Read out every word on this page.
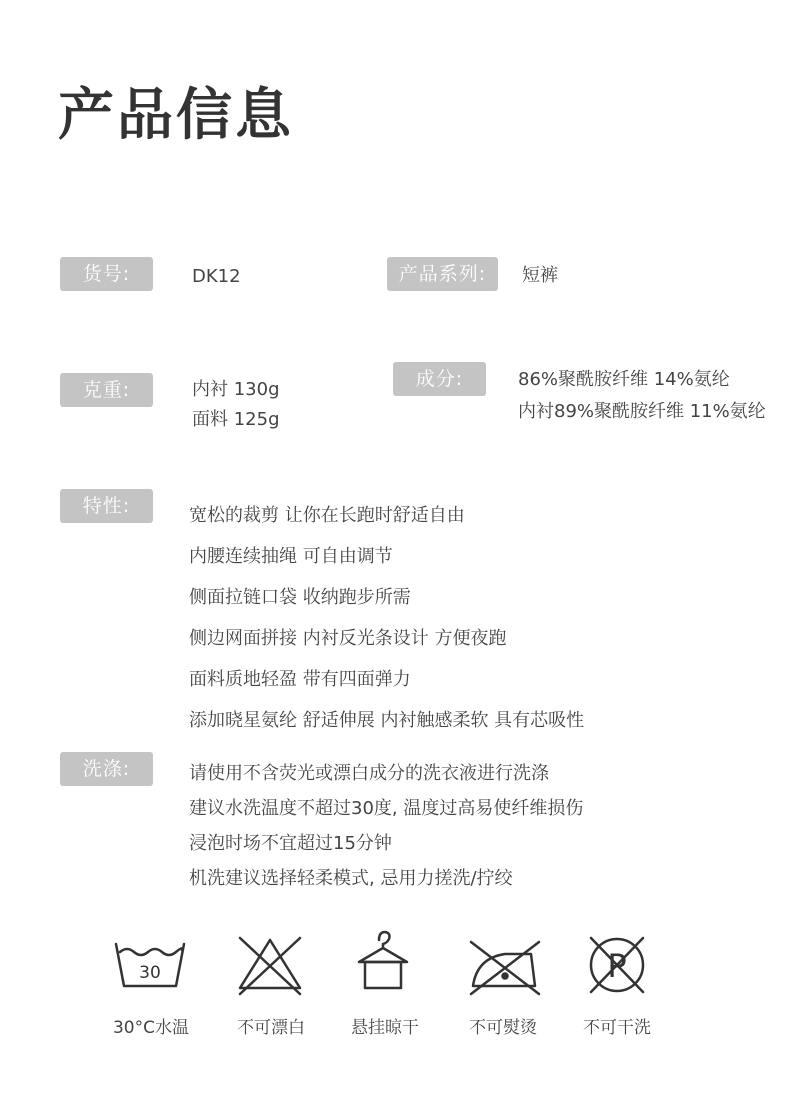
产品信息
货号:	DK12	产品系列:	短裤
克重:	内衬 130g
面料 125g
成分:	86%聚酰胺纤维 14%氨纶
内衬89%聚酰胺纤维 11%氨纶
特性:	宽松的裁剪 让你在长跑时舒适自由
内腰连续抽绳 可自由调节
侧面拉链口袋 收纳跑步所需
侧边网面拼接 内衬反光条设计 方便夜跑
面料质地轻盈 带有四面弹力
添加晓星氨纶 舒适伸展 内衬触感柔软 具有芯吸性
洗涤:	请使用不含荧光或漂白成分的洗衣液进行洗涤
建议水洗温度不超过30度, 温度过高易使纤维损伤
浸泡时场不宜超过15分钟
机洗建议选择轻柔模式, 忌用力搓洗/拧绞
30
30°C水温	不可漂白	悬挂晾干	不可熨烫
P
不可干洗
